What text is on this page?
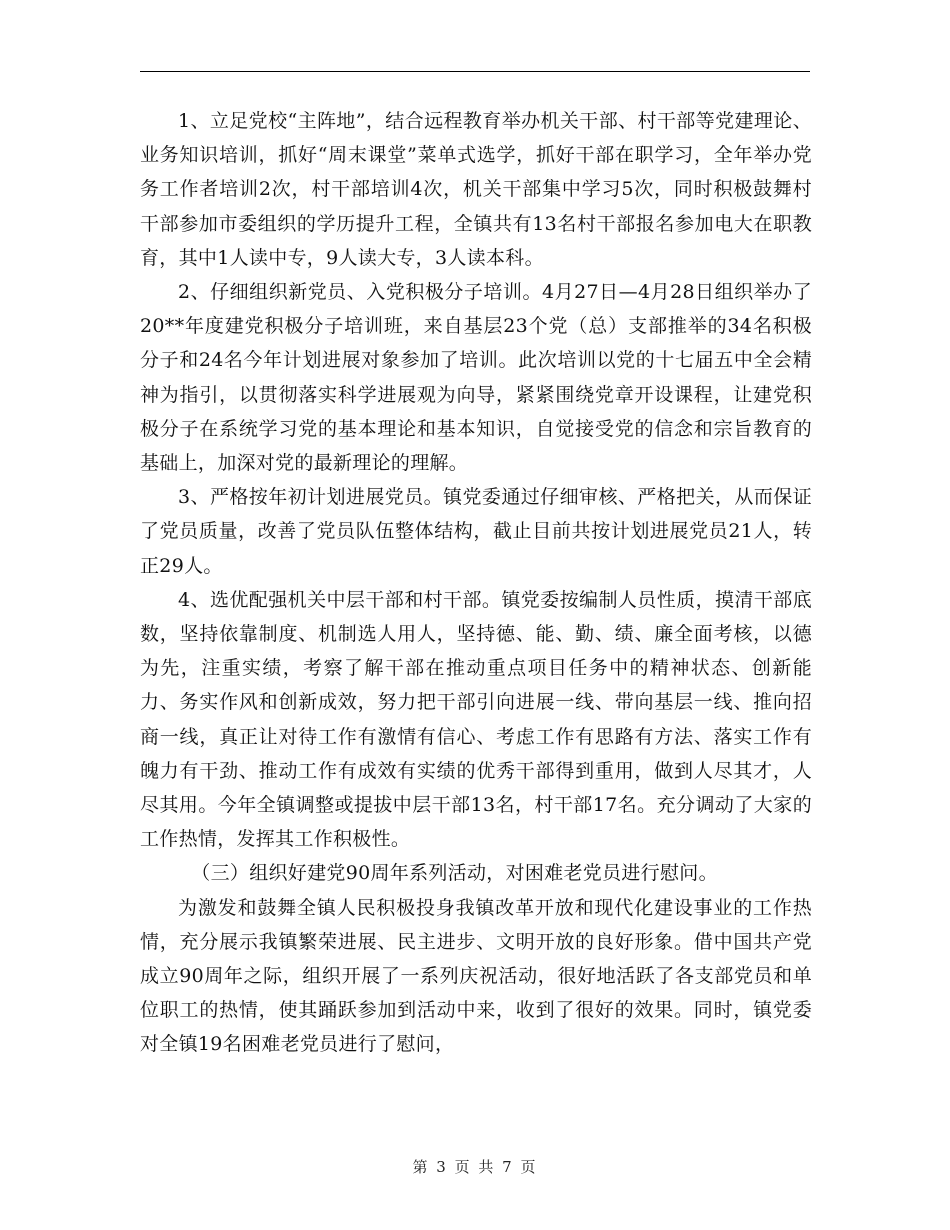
1、立足党校“主阵地”，结合远程教育举办机关干部、村干部等党建理论、业务知识培训，抓好“周末课堂”菜单式选学，抓好干部在职学习，全年举办党务工作者培训2次，村干部培训4次，机关干部集中学习5次，同时积极鼓舞村干部参加市委组织的学历提升工程，全镇共有13名村干部报名参加电大在职教育，其中1人读中专，9人读大专，3人读本科。

2、仔细组织新党员、入党积极分子培训。4月27日—4月28日组织举办了20**年度建党积极分子培训班，来自基层23个党（总）支部推举的34名积极分子和24名今年计划进展对象参加了培训。此次培训以党的十七届五中全会精神为指引，以贯彻落实科学进展观为向导，紧紧围绕党章开设课程，让建党积极分子在系统学习党的基本理论和基本知识，自觉接受党的信念和宗旨教育的基础上，加深对党的最新理论的理解。

3、严格按年初计划进展党员。镇党委通过仔细审核、严格把关，从而保证了党员质量，改善了党员队伍整体结构，截止目前共按计划进展党员21人，转正29人。

4、选优配强机关中层干部和村干部。镇党委按编制人员性质，摸清干部底数，坚持依靠制度、机制选人用人，坚持德、能、勤、绩、廉全面考核，以德为先，注重实绩，考察了解干部在推动重点项目任务中的精神状态、创新能力、务实作风和创新成效，努力把干部引向进展一线、带向基层一线、推向招商一线，真正让对待工作有激情有信心、考虑工作有思路有方法、落实工作有魄力有干劲、推动工作有成效有实绩的优秀干部得到重用，做到人尽其才，人尽其用。今年全镇调整或提拔中层干部13名，村干部17名。充分调动了大家的工作热情，发挥其工作积极性。

（三）组织好建党90周年系列活动，对困难老党员进行慰问。

为激发和鼓舞全镇人民积极投身我镇改革开放和现代化建设事业的工作热情，充分展示我镇繁荣进展、民主进步、文明开放的良好形象。借中国共产党成立90周年之际，组织开展了一系列庆祝活动，很好地活跃了各支部党员和单位职工的热情，使其踊跃参加到活动中来，收到了很好的效果。同时，镇党委对全镇19名困难老党员进行了慰问，

第 3 页 共 7 页
